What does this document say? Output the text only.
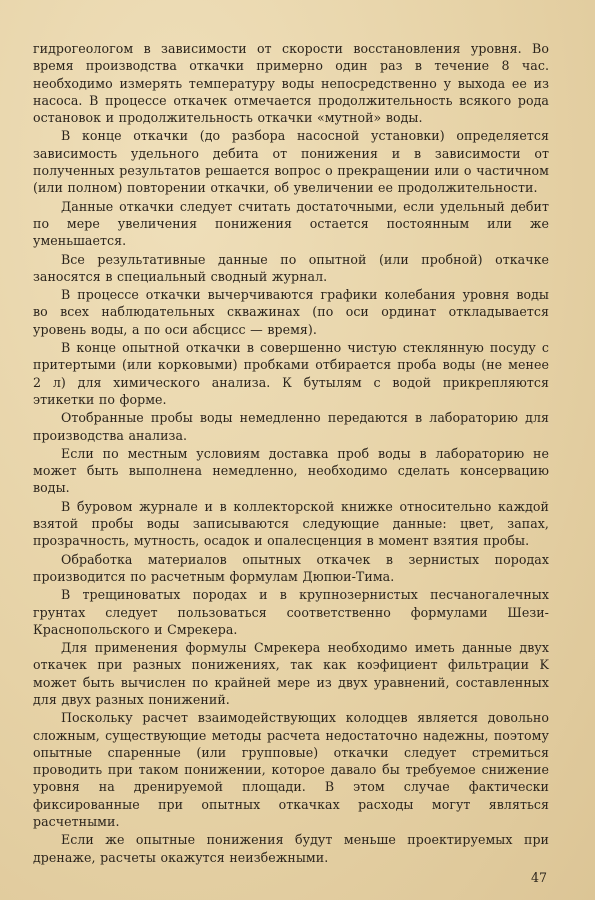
гидрогеологом в зависимости от скорости восстановления уровня. Во время производства откачки примерно один раз в течение 8 час. необходимо измерять температуру воды непосредственно у выхода ее из насоса. В процессе откачек отмечается продолжительность всякого рода остановок и продолжительность откачки «мутной» воды.

В конце откачки (до разбора насосной установки) определяется зависимость удельного дебита от понижения и в зависимости от полученных результатов решается вопрос о прекращении или о частичном (или полном) повторении откачки, об увеличении ее продолжительности.

Данные откачки следует считать достаточными, если удельный дебит по мере увеличения понижения остается постоянным или же уменьшается.

Все результативные данные по опытной (или пробной) откачке заносятся в специальный сводный журнал.

В процессе откачки вычерчиваются графики колебания уровня воды во всех наблюдательных скважинах (по оси ординат откладывается уровень воды, а по оси абсцисс — время).

В конце опытной откачки в совершенно чистую стеклянную посуду с притертыми (или корковыми) пробками отбирается проба воды (не менее 2 л) для химического анализа. К бутылям с водой прикрепляются этикетки по форме.

Отобранные пробы воды немедленно передаются в лабораторию для производства анализа.

Если по местным условиям доставка проб воды в лабораторию не может быть выполнена немедленно, необходимо сделать консервацию воды.

В буровом журнале и в коллекторской книжке относительно каждой взятой пробы воды записываются следующие данные: цвет, запах, прозрачность, мутность, осадок и опалесценция в момент взятия пробы.

Обработка материалов опытных откачек в зернистых породах производится по расчетным формулам Дюпюи-Тима.

В трещиноватых породах и в крупнозернистых песчаногалечных грунтах следует пользоваться соответственно формулами Шези-Краснопольского и Смрекера.

Для применения формулы Смрекера необходимо иметь данные двух откачек при разных понижениях, так как коэфициент фильтрации K может быть вычислен по крайней мере из двух уравнений, составленных для двух разных понижений.

Поскольку расчет взаимодействующих колодцев является довольно сложным, существующие методы расчета недостаточно надежны, поэтому опытные спаренные (или групповые) откачки следует стремиться проводить при таком понижении, которое давало бы требуемое снижение уровня на дренируемой площади. В этом случае фактически фиксированные при опытных откачках расходы могут являться расчетными.

Если же опытные понижения будут меньше проектируемых при дренаже, расчеты окажутся неизбежными.

47
